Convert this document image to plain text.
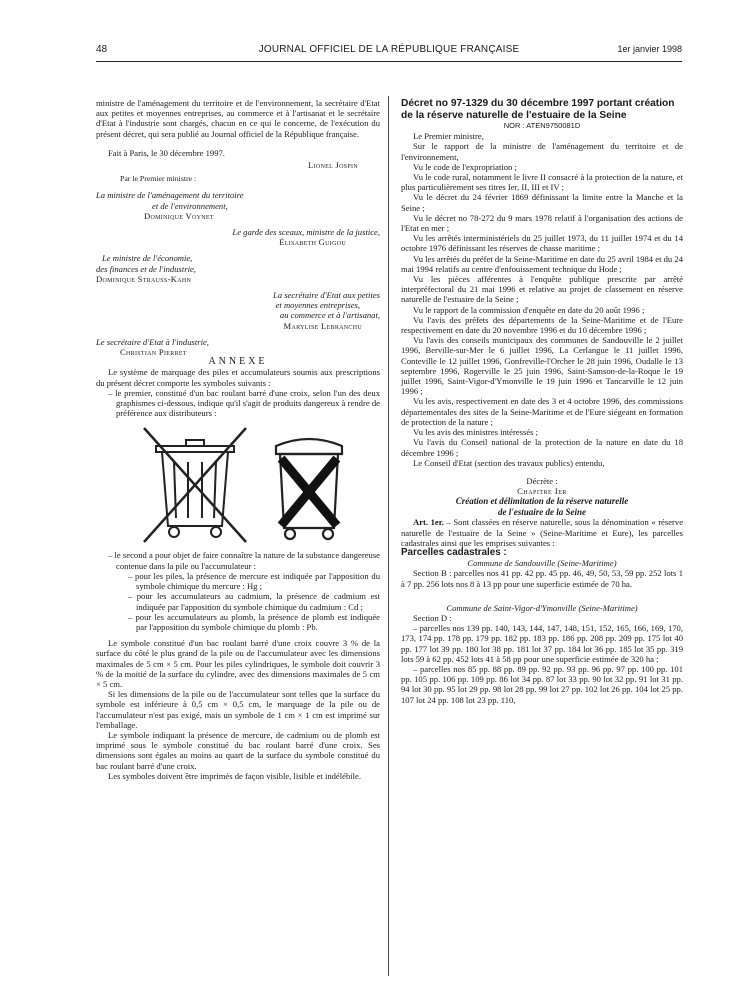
48	JOURNAL OFFICIEL DE LA RÉPUBLIQUE FRANÇAISE	1er janvier 1998

ministre de l'aménagement du territoire et de l'environnement, la secrétaire d'Etat aux petites et moyennes entreprises, au commerce et à l'artisanat et le secrétaire d'Etat à l'industrie sont chargés, chacun en ce qui le concerne, de l'exécution du présent décret, qui sera publié au Journal officiel de la République française.

Fait à Paris, le 30 décembre 1997.

Lionel Jospin

Par le Premier ministre :

La ministre de l'aménagement du territoire

et de l'environnement,

Dominique Voynet

Le garde des sceaux, ministre de la justice,

Élisabeth Guigou

Le ministre de l'économie,

des finances et de l'industrie,

Dominique Strauss-Kahn

La secrétaire d'Etat aux petites

et moyennes entreprises,

au commerce et à l'artisanat,

Marylise Lebranchu

Le secrétaire d'Etat à l'industrie,

Christian Pierret

ANNEXE

Le système de marquage des piles et accumulateurs soumis aux prescriptions du présent décret comporte les symboles suivants :

– le premier, constitué d'un bac roulant barré d'une croix, selon l'un des deux graphismes ci-dessous, indique qu'il s'agit de produits dangereux à rendre de préférence aux distributeurs :

– le second a pour objet de faire connaître la nature de la substance dangereuse contenue dans la pile ou l'accumulateur :

– pour les piles, la présence de mercure est indiquée par l'apposition du symbole chimique du mercure : Hg ;

– pour les accumulateurs au cadmium, la présence de cadmium est indiquée par l'apposition du symbole chimique du cadmium : Cd ;

– pour les accumulateurs au plomb, la présence de plomb est indiquée par l'apposition du symbole chimique du plomb : Pb.

Le symbole constitué d'un bac roulant barré d'une croix couvre 3 % de la surface du côté le plus grand de la pile ou de l'accumulateur avec les dimensions maximales de 5 cm × 5 cm. Pour les piles cylindriques, le symbole doit couvrir 3 % de la moitié de la surface du cylindre, avec des dimensions maximales de 5 cm × 5 cm.

Si les dimensions de la pile ou de l'accumulateur sont telles que la surface du symbole est inférieure à 0,5 cm × 0,5 cm, le marquage de la pile ou de l'accumulateur n'est pas exigé, mais un symbole de 1 cm × 1 cm est imprimé sur l'emballage.

Le symbole indiquant la présence de mercure, de cadmium ou de plomb est imprimé sous le symbole constitué du bac roulant barré d'une croix. Ses dimensions sont égales au moins au quart de la surface du symbole constitué du bac roulant barré d'une croix.

Les symboles doivent être imprimés de façon visible, lisible et indélébile.

Décret no 97-1329 du 30 décembre 1997 portant création de la réserve naturelle de l'estuaire de la Seine

NOR : ATEN9750081D

Le Premier ministre,

Sur le rapport de la ministre de l'aménagement du territoire et de l'environnement,

Vu le code de l'expropriation ;

Vu le code rural, notamment le livre II consacré à la protection de la nature, et plus particulièrement ses titres Ier, II, III et IV ;

Vu le décret du 24 février 1869 définissant la limite entre la Manche et la Seine ;

Vu le décret no 78-272 du 9 mars 1978 relatif à l'organisation des actions de l'Etat en mer ;

Vu les arrêtés interministériels du 25 juillet 1973, du 11 juillet 1974 et du 14 octobre 1976 définissant les réserves de chasse maritime ;

Vu les arrêtés du préfet de la Seine-Maritime en date du 25 avril 1984 et du 24 mai 1994 relatifs au centre d'enfouissement technique du Hode ;

Vu les pièces afférentes à l'enquête publique prescrite par arrêté interpréfectoral du 21 mai 1996 et relative au projet de classement en réserve naturelle de l'estuaire de la Seine ;

Vu le rapport de la commission d'enquête en date du 20 août 1996 ;

Vu l'avis des préfets des départements de la Seine-Maritime et de l'Eure respectivement en date du 20 novembre 1996 et du 10 décembre 1996 ;

Vu l'avis des conseils municipaux des communes de Sandouville le 2 juillet 1996, Berville-sur-Mer le 6 juillet 1996, La Cerlangue le 11 juillet 1996, Conteville le 12 juillet 1996, Gonfreville-l'Orcher le 28 juin 1996, Oudalle le 13 septembre 1996, Rogerville le 25 juin 1996, Saint-Samson-de-la-Roque le 19 juillet 1996, Saint-Vigor-d'Ymonville le 19 juin 1996 et Tancarville le 12 juin 1996 ;

Vu les avis, respectivement en date des 3 et 4 octobre 1996, des commissions départementales des sites de la Seine-Maritime et de l'Eure siégeant en formation de protection de la nature ;

Vu les avis des ministres intéressés ;

Vu l'avis du Conseil national de la protection de la nature en date du 18 décembre 1996 ;

Le Conseil d'Etat (section des travaux publics) entendu,

Décrète :

Chapitre Ier

Création et délimitation de la réserve naturelle

de l'estuaire de la Seine

Art. 1er. – Sont classées en réserve naturelle, sous la dénomination « réserve naturelle de l'estuaire de la Seine » (Seine-Maritime et Eure), les parcelles cadastrales ainsi que les emprises suivantes :

Parcelles cadastrales :

Commune de Sandouville (Seine-Maritime)

Section B : parcelles nos 41 pp. 42 pp. 45 pp. 46, 49, 50, 53, 59 pp. 252 lots 1 à 7 pp. 256 lots nos 8 à 13 pp pour une superficie estimée de 70 ha.

Commune de Saint-Vigor-d'Ymonville (Seine-Maritime)

Section D :

– parcelles nos 139 pp. 140, 143, 144, 147, 148, 151, 152, 165, 166, 169, 170, 173, 174 pp. 178 pp. 179 pp. 182 pp. 183 pp. 186 pp. 208 pp. 209 pp. 175 lot 40 pp. 177 lot 39 pp. 180 lot 38 pp. 181 lot 37 pp. 184 lot 36 pp. 185 lot 35 pp. 319 lots 59 à 62 pp. 452 lots 41 à 58 pp pour une superficie estimée de 320 ha ;

– parcelles nos 85 pp. 88 pp. 89 pp. 92 pp. 93 pp. 96 pp. 97 pp. 100 pp. 101 pp. 105 pp. 106 pp. 109 pp. 86 lot 34 pp. 87 lot 33 pp. 90 lot 32 pp. 91 lot 31 pp. 94 lot 30 pp. 95 lot 29 pp. 98 lot 28 pp. 99 lot 27 pp. 102 lot 26 pp. 104 lot 25 pp. 107 lot 24 pp. 108 lot 23 pp. 110,
